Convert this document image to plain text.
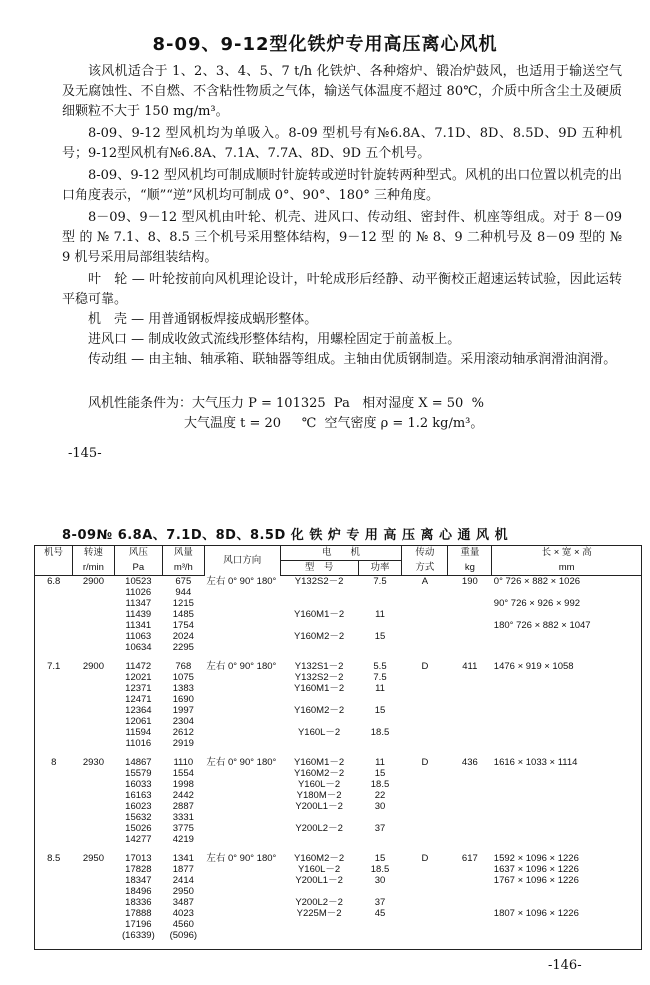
8-09、9-12型化铁炉专用高压离心风机

该风机适合于 1、2、3、4、5、7 t/h 化铁炉、各种熔炉、锻冶炉鼓风，也适用于输送空气及无腐蚀性、不自燃、不含粘性物质之气体，输送气体温度不超过 80℃，介质中所含尘土及硬质细颗粒不大于 150 mg/m³。

8-09、9-12 型风机均为单吸入。8-09 型机号有№6.8A、7.1D、8D、8.5D、9D 五种机号；9-12型风机有№6.8A、7.1A、7.7A、8D、9D 五个机号。

8-09、9-12 型风机均可制成顺时针旋转或逆时针旋转两种型式。风机的出口位置以机壳的出口角度表示，“顺”“逆”风机均可制成 0°、90°、180° 三种角度。

8－09、9－12 型风机由叶轮、机壳、进风口、传动组、密封件、机座等组成。对于 8－09 型 的 № 7.1、8、8.5 三个机号采用整体结构，9－12 型 的 № 8、9 二种机号及 8－09 型的 № 9 机号采用局部组装结构。

叶　轮 — 叶轮按前向风机理论设计，叶轮成形后经静、动平衡校正超速运转试验，因此运转平稳可靠。

机　壳 — 用普通钢板焊接成蜗形整体。

进风口 — 制成收敛式流线形整体结构，用螺栓固定于前盖板上。

传动组 — 由主轴、轴承箱、联轴器等组成。主轴由优质钢制造。采用滚动轴承润滑油润滑。

风机性能条件为：大气压力 P = 101325  Pa   相对湿度 X = 50  %
大气温度 t = 20     ℃  空气密度 ρ = 1.2 kg/m³。
-145-
8-09№ 6.8A、7.1D、8D、8.5D 化 铁 炉 专 用 高 压 离 心 通 风 机
机号	转速	风压	风量	风口方向	电　　机		传动	重量	长 × 宽 × 高
	r/min	Pa	m³/h		型　号	功率	方式	kg	mm
6.8	2900	10523	675	左右 0° 90° 180°	Y132S2－2	7.5	A	190	0° 726 × 882 × 1026
		11026	944						
		11347	1215						90° 726 × 926 × 992
		11439	1485		Y160M1－2	11			
		11341	1754						180° 726 × 882 × 1047
		11063	2024		Y160M2－2	15			
		10634	2295						
7.1	2900	11472	768	左右 0° 90° 180°	Y132S1－2	5.5	D	411	1476 × 919 × 1058
		12021	1075		Y132S2－2	7.5			
		12371	1383		Y160M1－2	11			
		12471	1690						
		12364	1997		Y160M2－2	15			
		12061	2304						
		11594	2612		Y160L－2	18.5			
		11016	2919						
8	2930	14867	1110	左右 0° 90° 180°	Y160M1－2	11	D	436	1616 × 1033 × 1114
		15579	1554		Y160M2－2	15			
		16033	1998		Y160L－2	18.5			
		16163	2442		Y180M－2	22			
		16023	2887		Y200L1－2	30			
		15632	3331						
		15026	3775		Y200L2－2	37			
		14277	4219						
8.5	2950	17013	1341	左右 0° 90° 180°	Y160M2－2	15	D	617	1592 × 1096 × 1226
		17828	1877		Y160L－2	18.5			1637 × 1096 × 1226
		18347	2414		Y200L1－2	30			1767 × 1096 × 1226
		18496	2950						
		18336	3487		Y200L2－2	37			
		17888	4023		Y225M－2	45			1807 × 1096 × 1226
		17196	4560						
		(16339)	(5096)						
-146-
